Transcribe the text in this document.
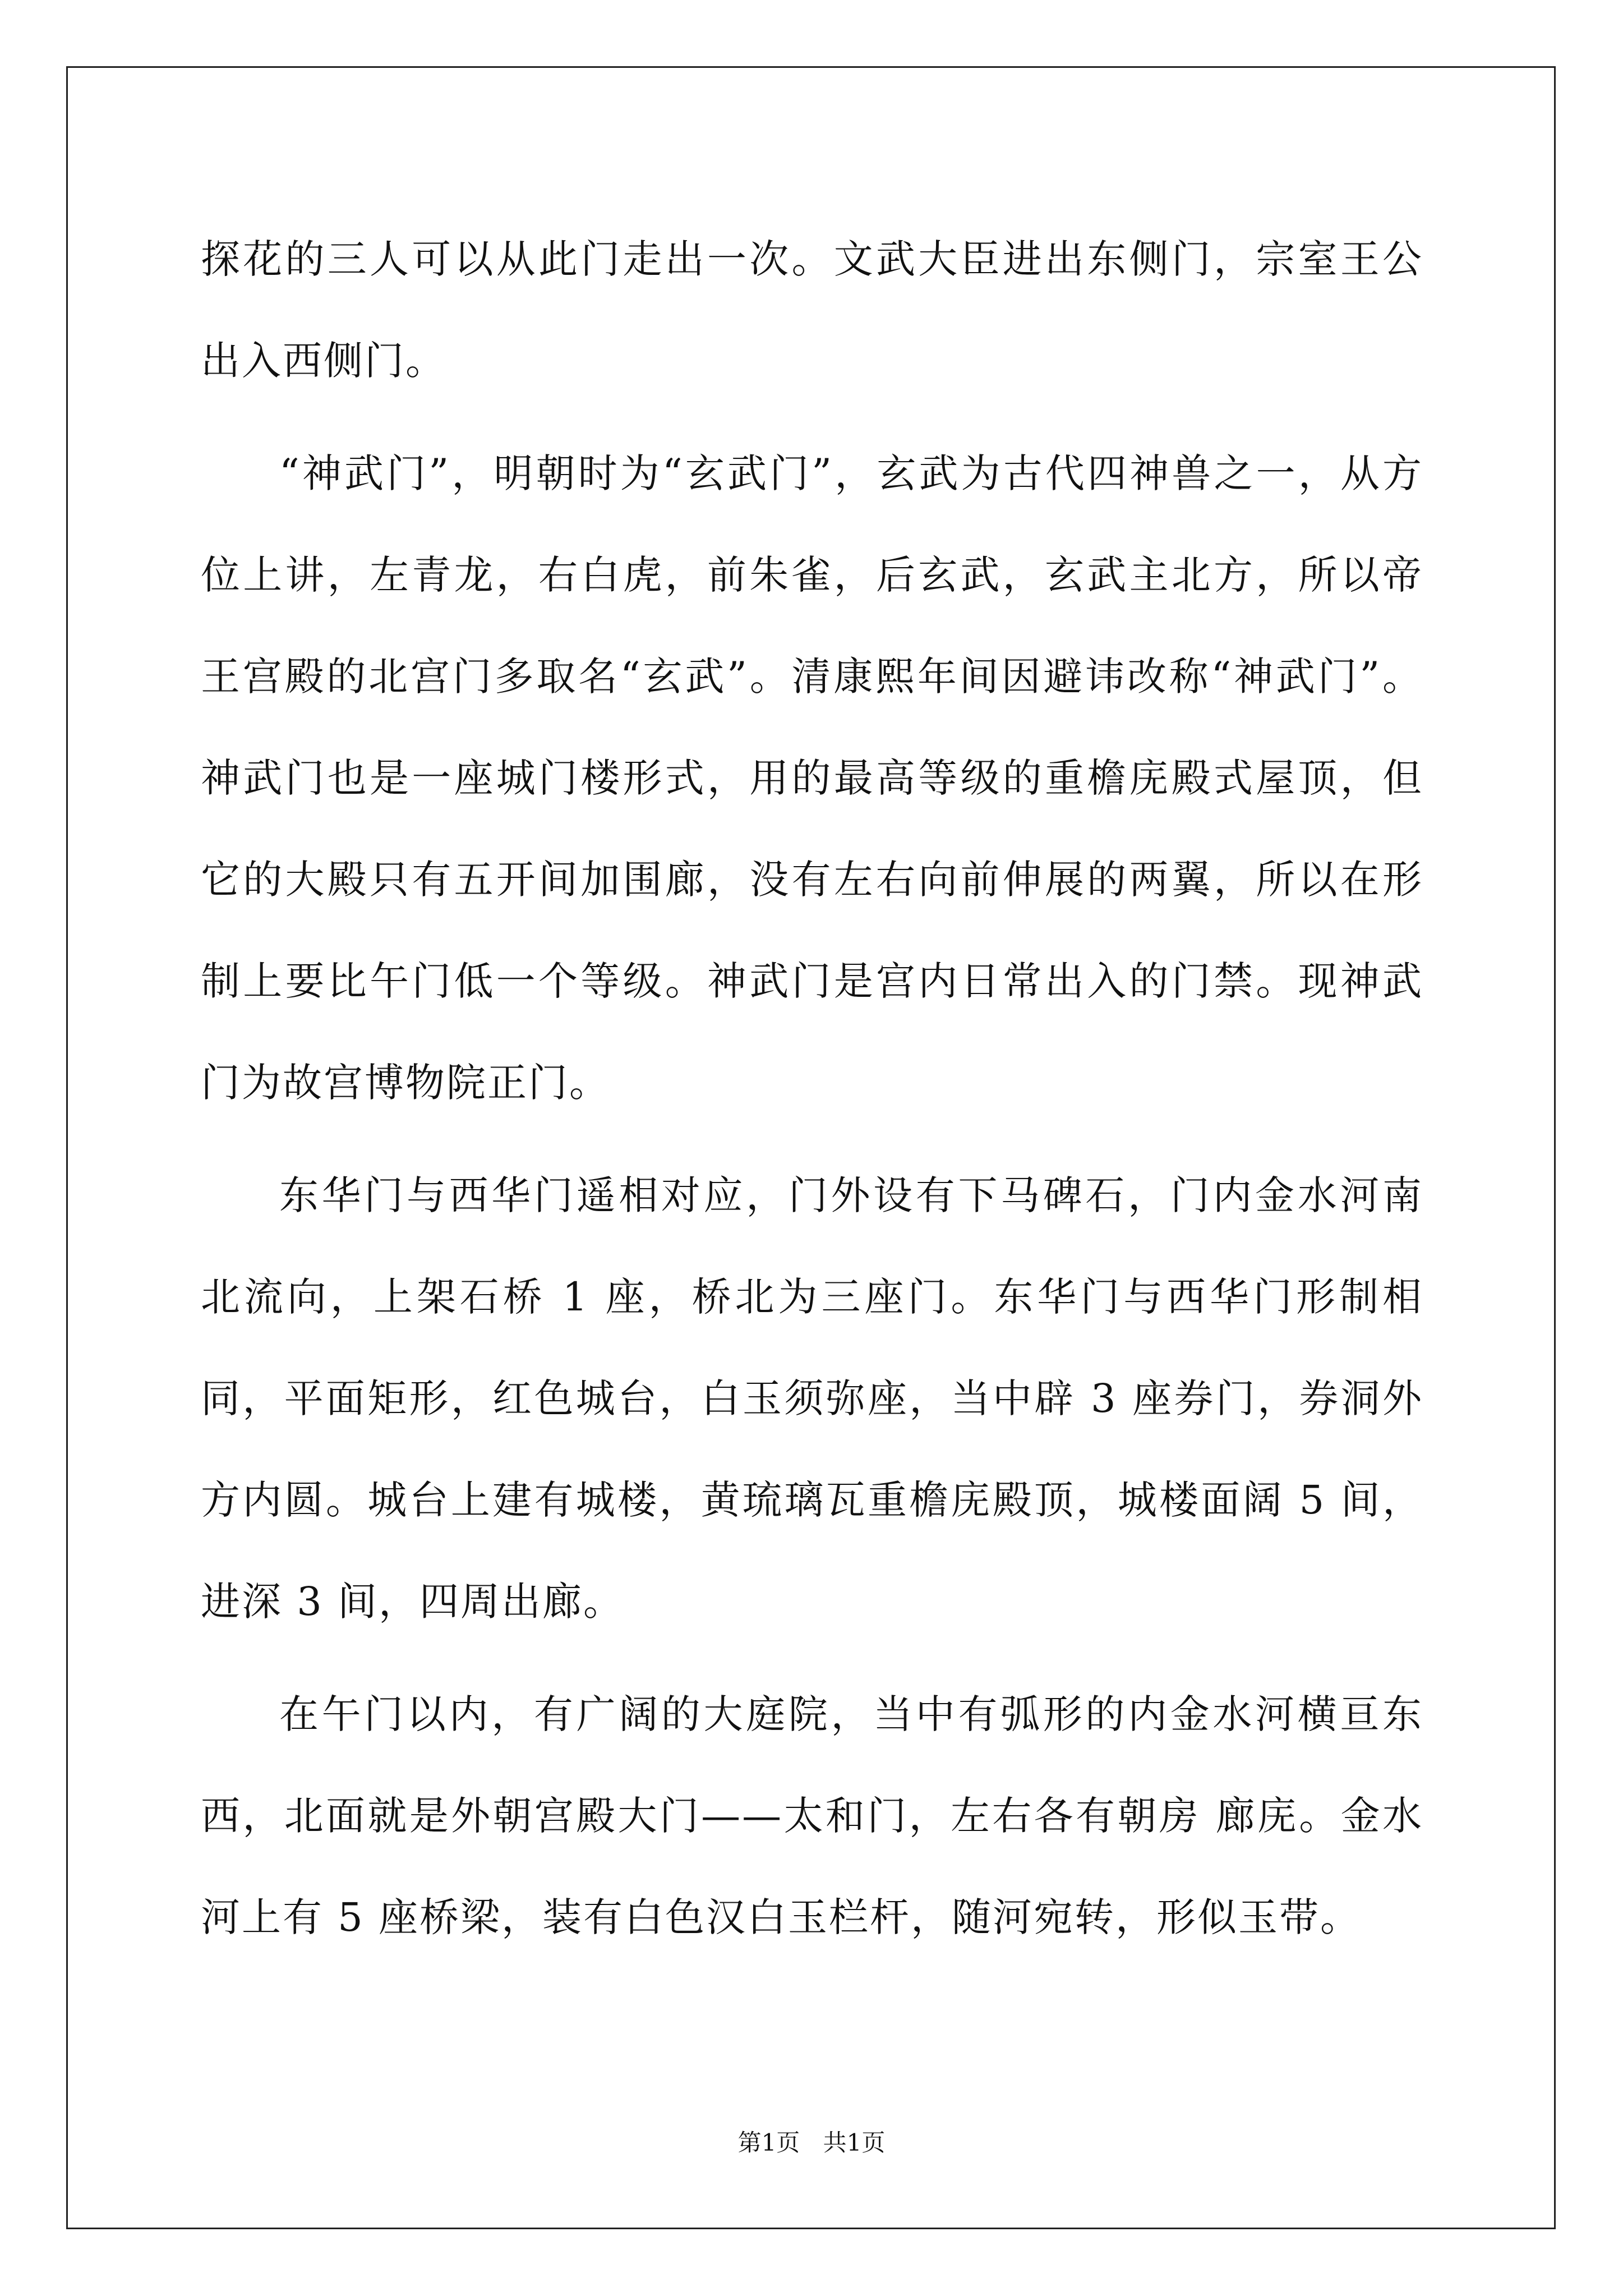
探花的三人可以从此门走出一次。文武大臣进出东侧门，宗室王公出入西侧门。

“神武门”，明朝时为“玄武门”，玄武为古代四神兽之一，从方位上讲，左青龙，右白虎，前朱雀，后玄武，玄武主北方，所以帝王宫殿的北宫门多取名“玄武”。清康熙年间因避讳改称“神武门”。神武门也是一座城门楼形式，用的最高等级的重檐庑殿式屋顶，但它的大殿只有五开间加围廊，没有左右向前伸展的两翼，所以在形制上要比午门低一个等级。神武门是宫内日常出入的门禁。现神武门为故宫博物院正门。

东华门与西华门遥相对应，门外设有下马碑石，门内金水河南北流向，上架石桥 1 座，桥北为三座门。东华门与西华门形制相同，平面矩形，红色城台，白玉须弥座，当中辟 3 座券门，券洞外方内圆。城台上建有城楼，黄琉璃瓦重檐庑殿顶，城楼面阔 5 间，进深 3 间，四周出廊。

在午门以内，有广阔的大庭院，当中有弧形的内金水河横亘东西，北面就是外朝宫殿大门——太和门，左右各有朝房 廊庑。金水河上有 5 座桥梁，装有白色汉白玉栏杆，随河宛转，形似玉带。

第1页 共1页
